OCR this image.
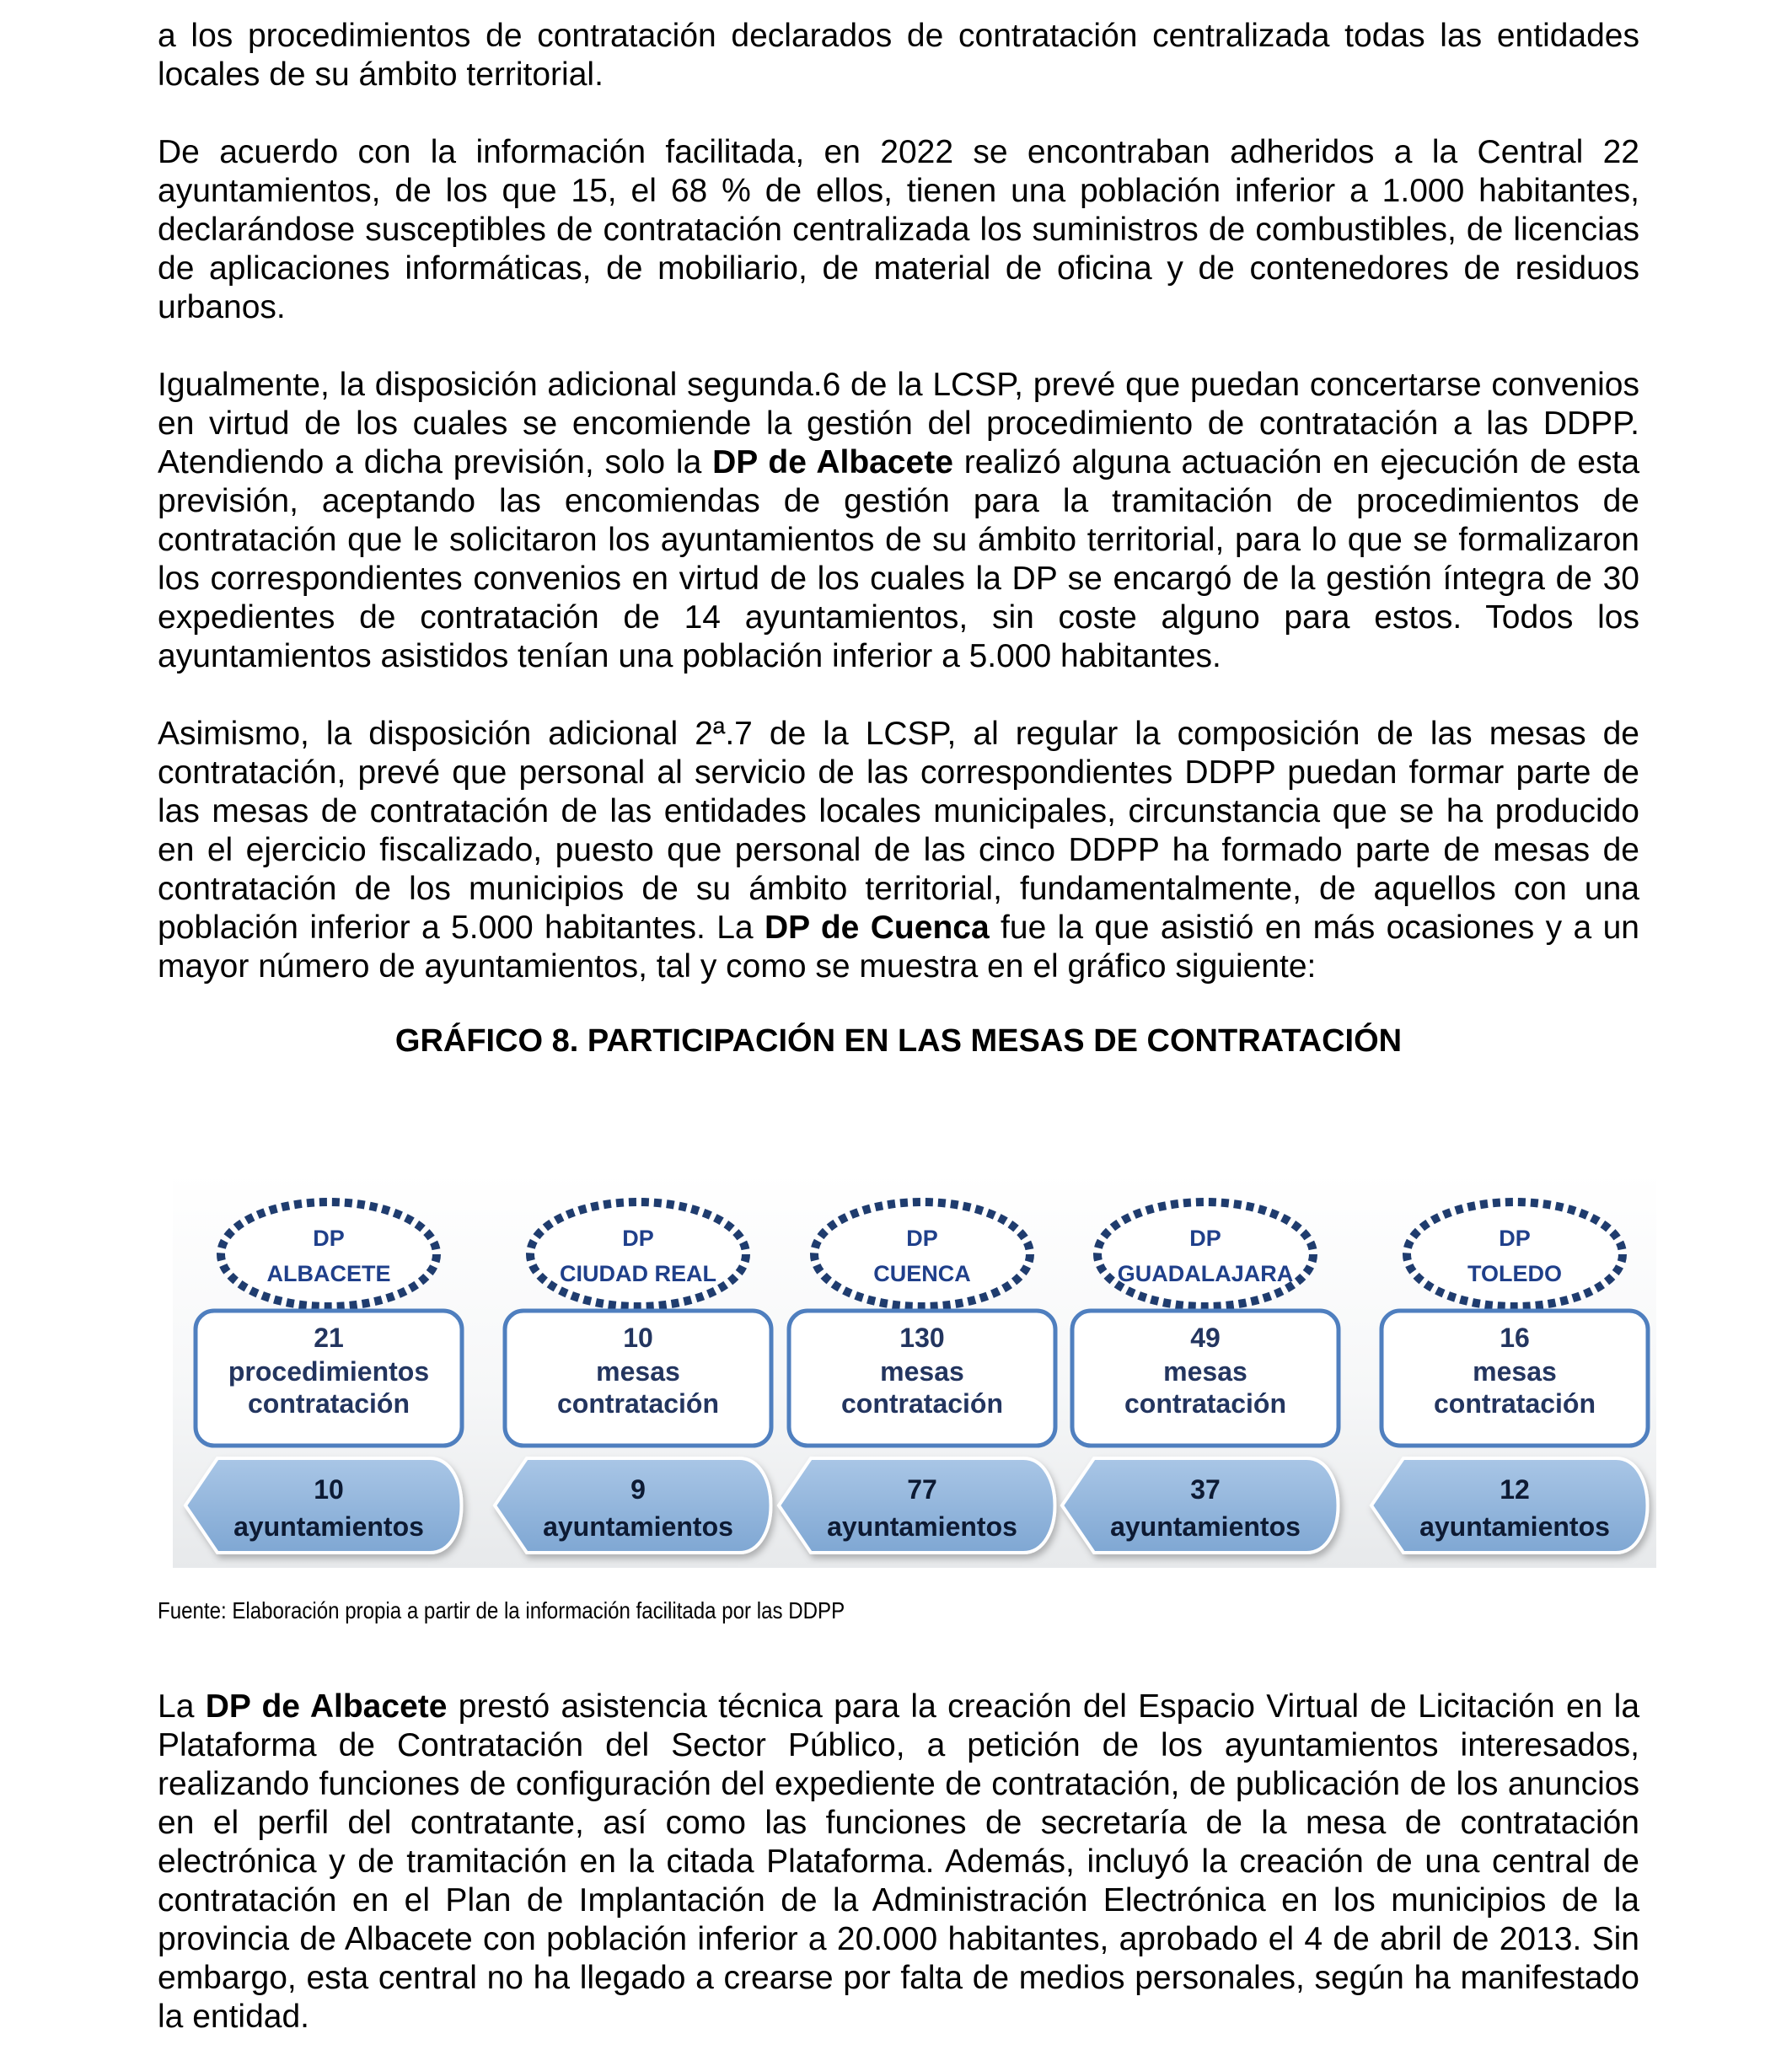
a los procedimientos de contratación declarados de contratación centralizada todas las entidades locales de su ámbito territorial.

De acuerdo con la información facilitada, en 2022 se encontraban adheridos a la Central 22 ayuntamientos, de los que 15, el 68 % de ellos, tienen una población inferior a 1.000 habitantes, declarándose susceptibles de contratación centralizada los suministros de combustibles, de licencias de aplicaciones informáticas, de mobiliario, de material de oficina y de contenedores de residuos urbanos.

Igualmente, la disposición adicional segunda.6 de la LCSP, prevé que puedan concertarse convenios en virtud de los cuales se encomiende la gestión del procedimiento de contratación a las DDPP. Atendiendo a dicha previsión, solo la DP de Albacete realizó alguna actuación en ejecución de esta previsión, aceptando las encomiendas de gestión para la tramitación de procedimientos de contratación que le solicitaron los ayuntamientos de su ámbito territorial, para lo que se formalizaron los correspondientes convenios en virtud de los cuales la DP se encargó de la gestión íntegra de 30 expedientes de contratación de 14 ayuntamientos, sin coste alguno para estos. Todos los ayuntamientos asistidos tenían una población inferior a 5.000 habitantes.

Asimismo, la disposición adicional 2ª.7 de la LCSP, al regular la composición de las mesas de contratación, prevé que personal al servicio de las correspondientes DDPP puedan formar parte de las mesas de contratación de las entidades locales municipales, circunstancia que se ha producido en el ejercicio fiscalizado, puesto que personal de las cinco DDPP ha formado parte de mesas de contratación de los municipios de su ámbito territorial, fundamentalmente, de aquellos con una población inferior a 5.000 habitantes. La DP de Cuenca fue la que asistió en más ocasiones y a un mayor número de ayuntamientos, tal y como se muestra en el gráfico siguiente:

GRÁFICO 8. PARTICIPACIÓN EN LAS MESAS DE CONTRATACIÓN

DP
ALBACETE
21
procedimientos
contratación
10
ayuntamientos
DP
CIUDAD REAL
10
mesas
contratación
9
ayuntamientos
DP
CUENCA
130
mesas
contratación
77
ayuntamientos
DP
GUADALAJARA
49
mesas
contratación
37
ayuntamientos
DP
TOLEDO
16
mesas
contratación
12
ayuntamientos

Fuente: Elaboración propia a partir de la información facilitada por las DDPP

La DP de Albacete prestó asistencia técnica para la creación del Espacio Virtual de Licitación en la Plataforma de Contratación del Sector Público, a petición de los ayuntamientos interesados, realizando funciones de configuración del expediente de contratación, de publicación de los anuncios en el perfil del contratante, así como las funciones de secretaría de la mesa de contratación electrónica y de tramitación en la citada Plataforma. Además, incluyó la creación de una central de contratación en el Plan de Implantación de la Administración Electrónica en los municipios de la provincia de Albacete con población inferior a 20.000 habitantes, aprobado el 4 de abril de 2013. Sin embargo, esta central no ha llegado a crearse por falta de medios personales, según ha manifestado la entidad.
